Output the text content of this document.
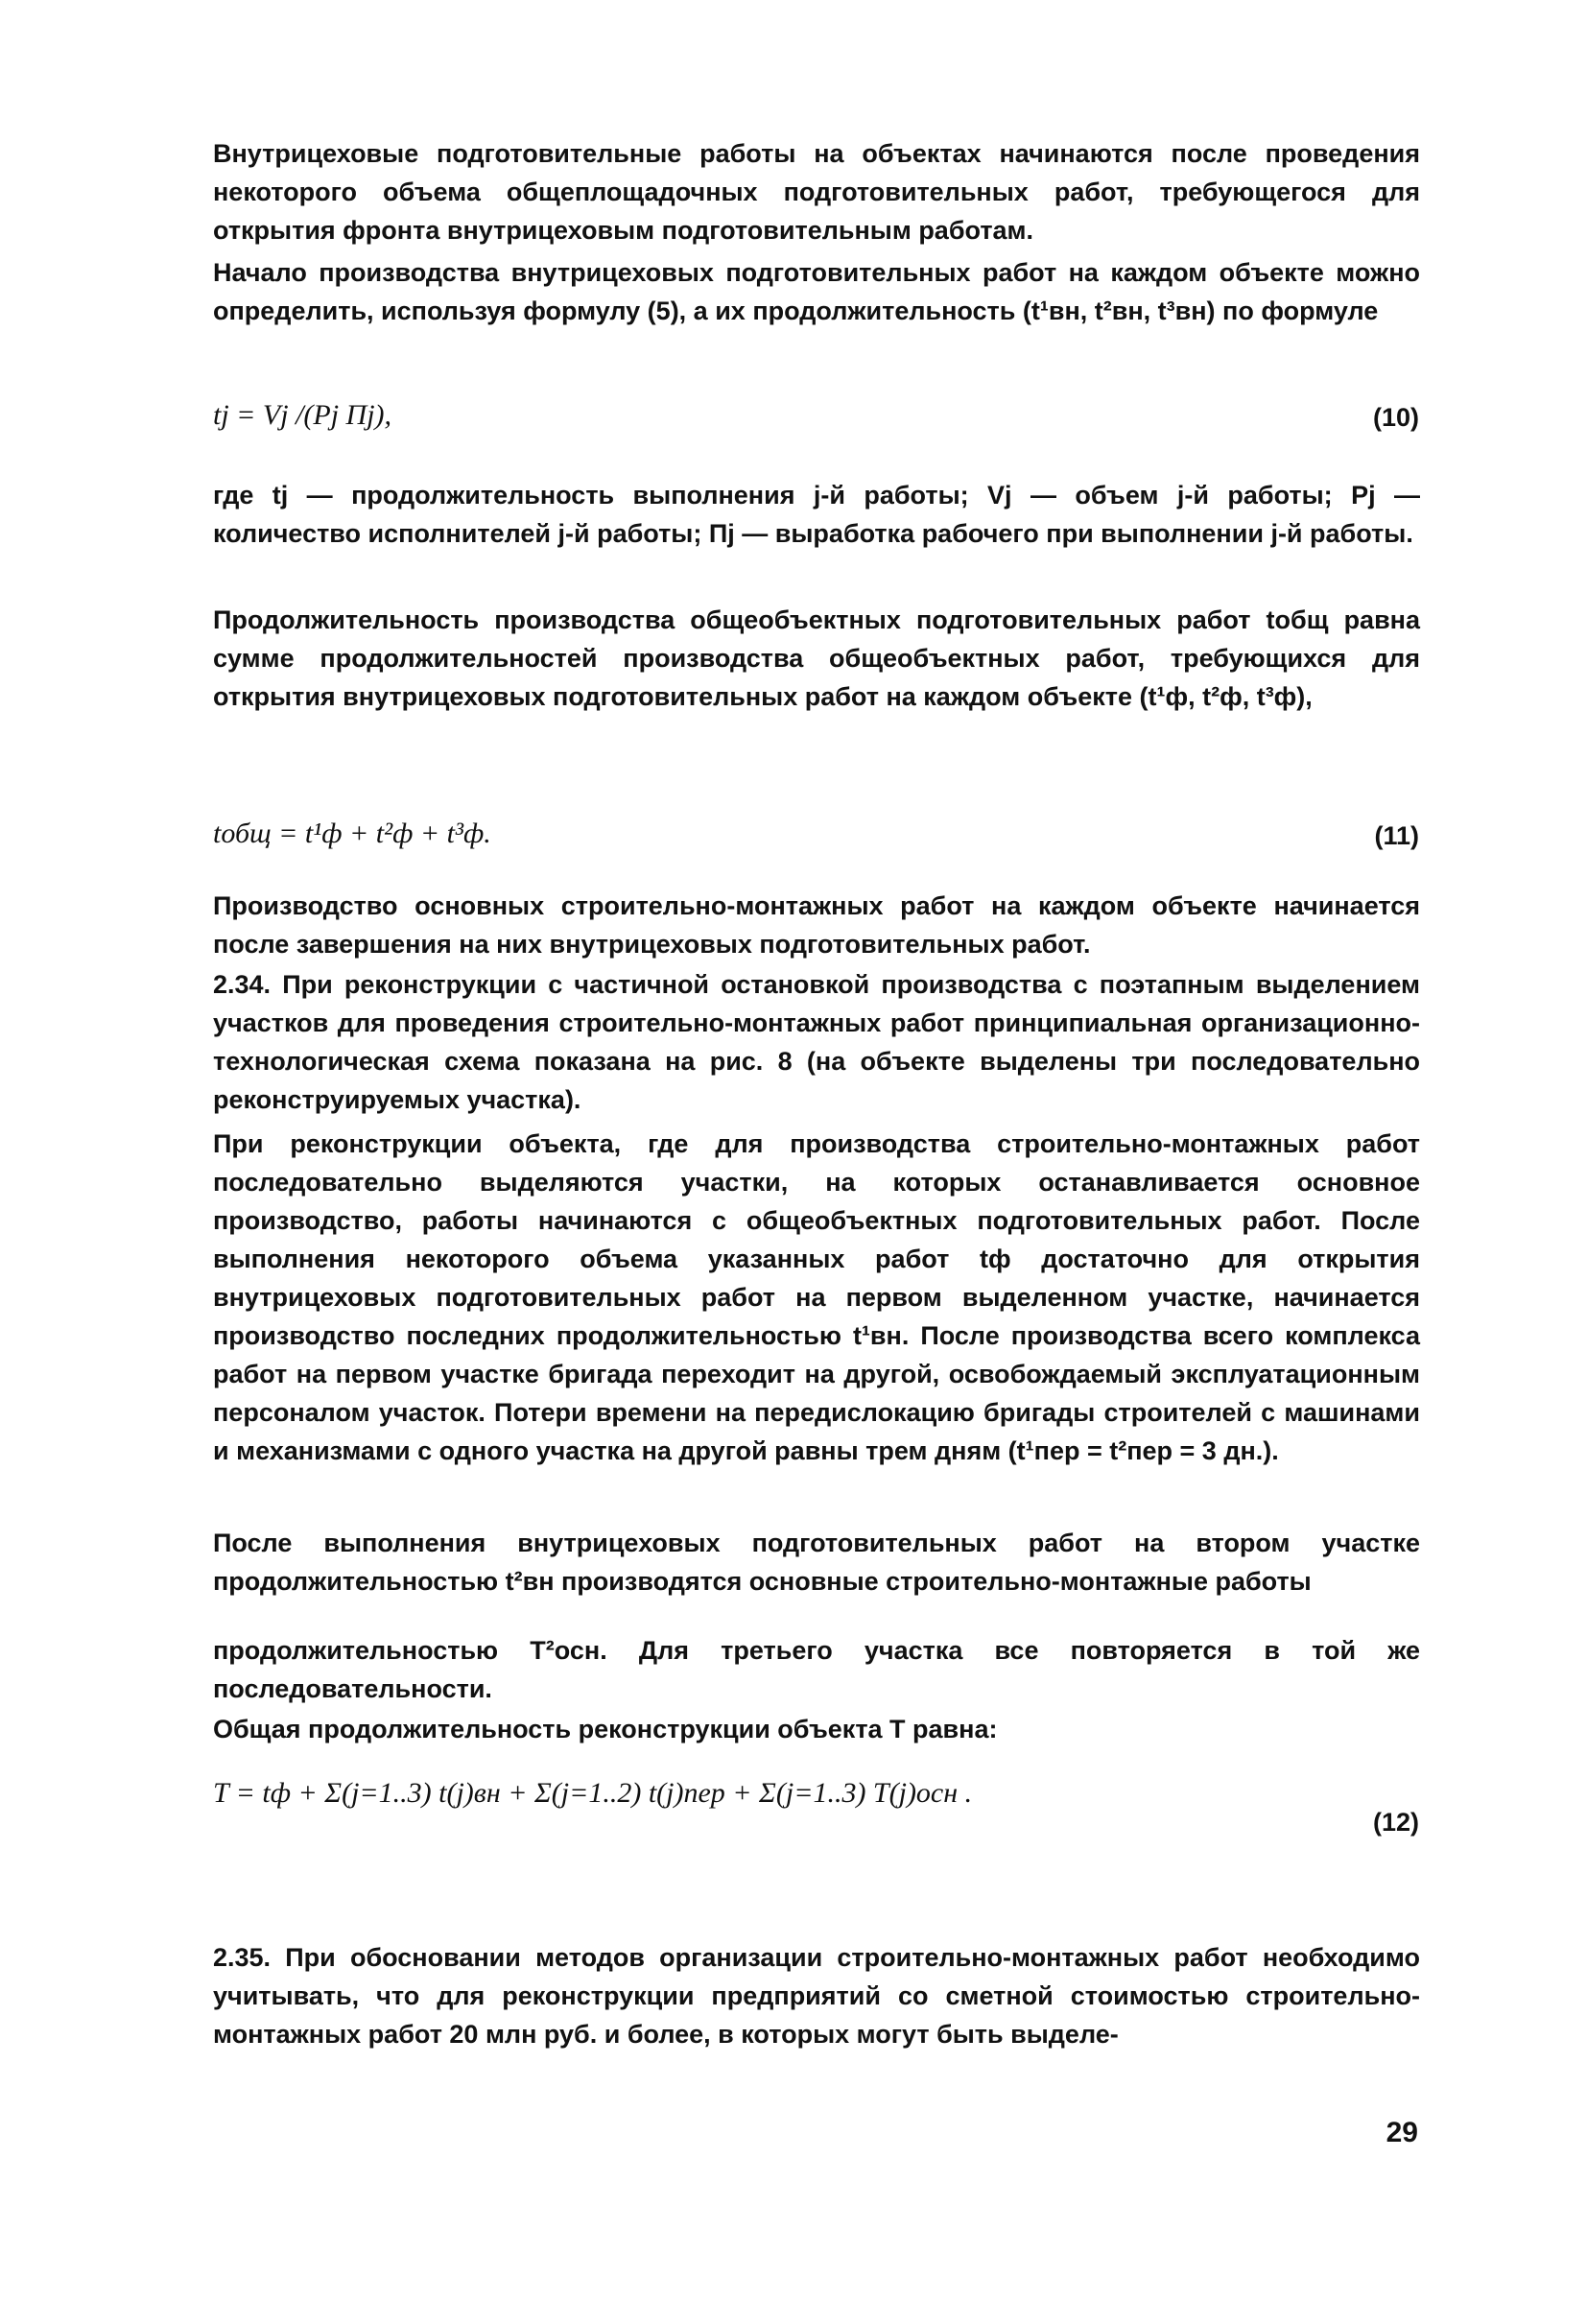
Внутрицеховые подготовительные работы на объектах начинаются после проведения некоторого объема общеплощадочных подготовительных работ, требующегося для открытия фронта внутрицеховым подготовительным работам.

Начало производства внутрицеховых подготовительных работ на каждом объекте можно определить, используя формулу (5), а их продолжительность (t¹вн, t²вн, t³вн) по формуле

tj = Vj /(Pj Пj),	(10)

где tj — продолжительность выполнения j-й работы; Vj — объем j-й работы; Pj — количество исполнителей j-й работы; Пj — выработка рабочего при выполнении j-й работы.

Продолжительность производства общеобъектных подготовительных работ tобщ равна сумме продолжительностей производства общеобъектных работ, требующихся для открытия внутрицеховых подготовительных работ на каждом объекте (t¹ф, t²ф, t³ф),

tобщ = t¹ф + t²ф + t³ф.	(11)

Производство основных строительно-монтажных работ на каждом объекте начинается после завершения на них внутрицеховых подготовительных работ.

2.34. При реконструкции с частичной остановкой производства с поэтапным выделением участков для проведения строительно-монтажных работ принципиальная организационно-технологическая схема показана на рис. 8 (на объекте выделены три последовательно реконструируемых участка).

При реконструкции объекта, где для производства строительно-монтажных работ последовательно выделяются участки, на которых останавливается основное производство, работы начинаются с общеобъектных подготовительных работ. После выполнения некоторого объема указанных работ tф достаточно для открытия внутрицеховых подготовительных работ на первом выделенном участке, начинается производство последних продолжительностью t¹вн. После производства всего комплекса работ на первом участке бригада переходит на другой, освобождаемый эксплуатационным персоналом участок. Потери времени на передислокацию бригады строителей с машинами и механизмами с одного участка на другой равны трем дням (t¹пер = t²пер = 3 дн.).

После выполнения внутрицеховых подготовительных работ на втором участке продолжительностью t²вн производятся основные строительно-монтажные работы

продолжительностью T²осн. Для третьего участка все повторяется в той же последовательности.

Общая продолжительность реконструкции объекта T равна:

T = tф + Σ(j=1..3) t(j)вн + Σ(j=1..2) t(j)пер + Σ(j=1..3) T(j)осн .
(12)

2.35. При обосновании методов организации строительно-монтажных работ необходимо учитывать, что для реконструкции предприятий со сметной стоимостью строительно-монтажных работ 20 млн руб. и более, в которых могут быть выделе-

29
